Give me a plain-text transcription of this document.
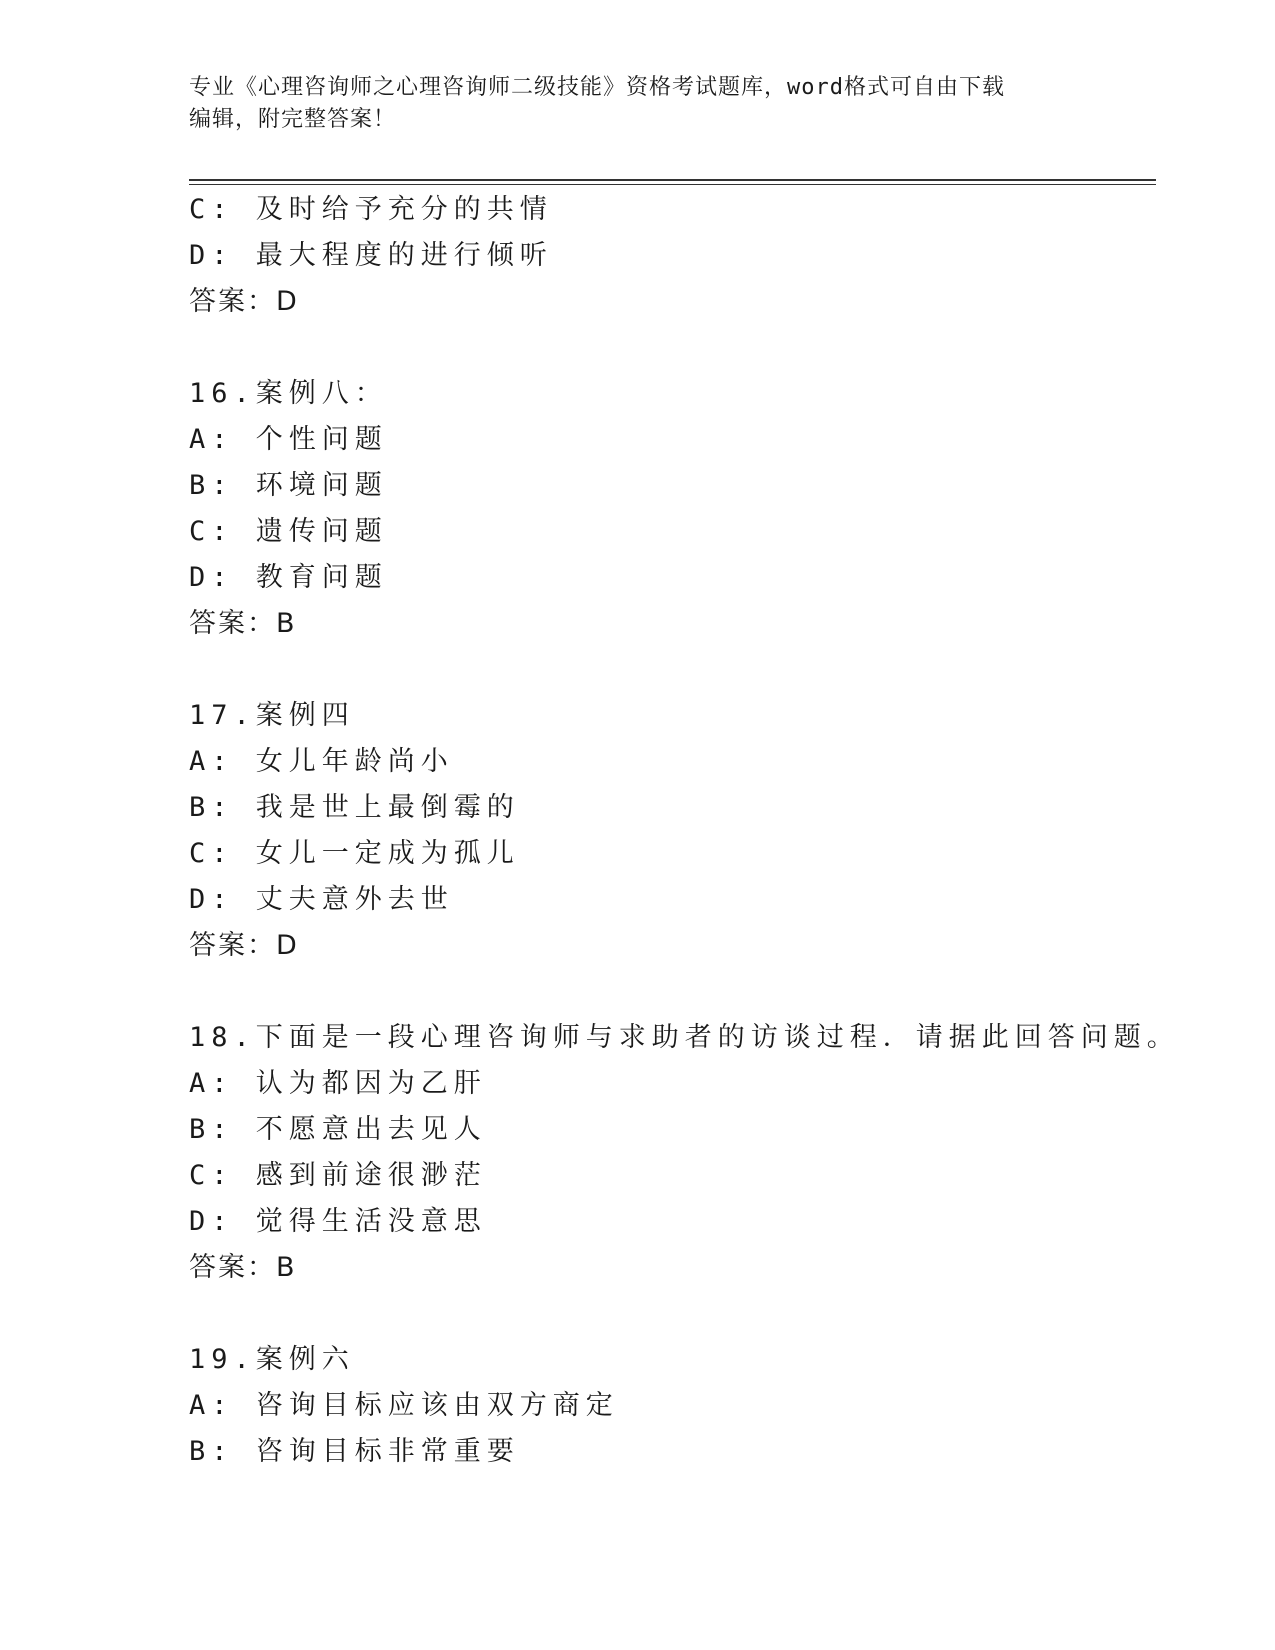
专业《心理咨询师之心理咨询师二级技能》资格考试题库，word格式可自由下载
编辑，附完整答案！
C: 及时给予充分的共情
D: 最大程度的进行倾听
答案：D
16.案例八：
A: 个性问题
B: 环境问题
C: 遗传问题
D: 教育问题
答案：B
17.案例四
A: 女儿年龄尚小
B: 我是世上最倒霉的
C: 女儿一定成为孤儿
D: 丈夫意外去世
答案：D
18.下面是一段心理咨询师与求助者的访谈过程．请据此回答问题。
A: 认为都因为乙肝
B: 不愿意出去见人
C: 感到前途很渺茫
D: 觉得生活没意思
答案：B
19.案例六
A: 咨询目标应该由双方商定
B: 咨询目标非常重要
